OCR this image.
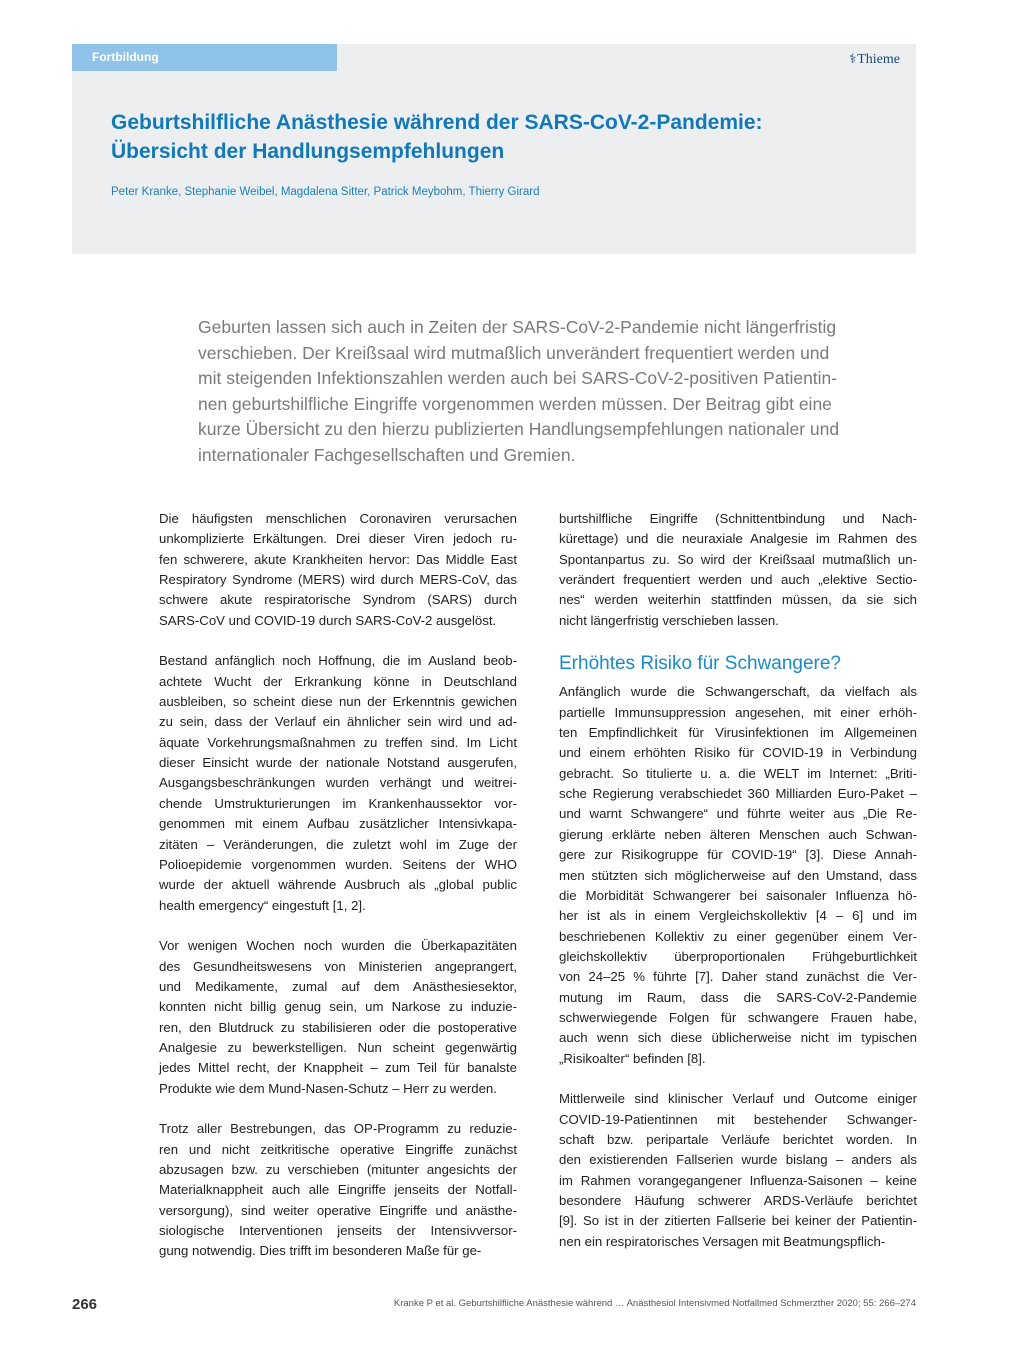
Fortbildung	⚕Thieme
Geburtshilfliche Anästhesie während der SARS-CoV-2-Pandemie:
Übersicht der Handlungsempfehlungen
Peter Kranke, Stephanie Weibel, Magdalena Sitter, Patrick Meybohm, Thierry Girard

Geburten lassen sich auch in Zeiten der SARS-CoV-2-Pandemie nicht längerfristig
verschieben. Der Kreißsaal wird mutmaßlich unverändert frequentiert werden und
mit steigenden Infektionszahlen werden auch bei SARS-CoV-2-positiven Patientin-
nen geburtshilfliche Eingriffe vorgenommen werden müssen. Der Beitrag gibt eine
kurze Übersicht zu den hierzu publizierten Handlungsempfehlungen nationaler und
internationaler Fachgesellschaften und Gremien.

Die häufigsten menschlichen Coronaviren verursachen
unkomplizierte Erkältungen. Drei dieser Viren jedoch ru-
fen schwerere, akute Krankheiten hervor: Das Middle East
Respiratory Syndrome (MERS) wird durch MERS-CoV, das
schwere akute respiratorische Syndrom (SARS) durch
SARS-CoV und COVID-19 durch SARS-CoV-2 ausgelöst.

Bestand anfänglich noch Hoffnung, die im Ausland beob-
achtete Wucht der Erkrankung könne in Deutschland
ausbleiben, so scheint diese nun der Erkenntnis gewichen
zu sein, dass der Verlauf ein ähnlicher sein wird und ad-
äquate Vorkehrungsmaßnahmen zu treffen sind. Im Licht
dieser Einsicht wurde der nationale Notstand ausgerufen,
Ausgangsbeschränkungen wurden verhängt und weitrei-
chende Umstrukturierungen im Krankenhaussektor vor-
genommen mit einem Aufbau zusätzlicher Intensivkapa-
zitäten – Veränderungen, die zuletzt wohl im Zuge der
Polioepidemie vorgenommen wurden. Seitens der WHO
wurde der aktuell währende Ausbruch als „global public
health emergency“ eingestuft [1, 2].

Vor wenigen Wochen noch wurden die Überkapazitäten
des Gesundheitswesens von Ministerien angeprangert,
und Medikamente, zumal auf dem Anästhesiesektor,
konnten nicht billig genug sein, um Narkose zu induzie-
ren, den Blutdruck zu stabilisieren oder die postoperative
Analgesie zu bewerkstelligen. Nun scheint gegenwärtig
jedes Mittel recht, der Knappheit – zum Teil für banalste
Produkte wie dem Mund-Nasen-Schutz – Herr zu werden.

Trotz aller Bestrebungen, das OP-Programm zu reduzie-
ren und nicht zeitkritische operative Eingriffe zunächst
abzusagen bzw. zu verschieben (mitunter angesichts der
Materialknappheit auch alle Eingriffe jenseits der Notfall-
versorgung), sind weiter operative Eingriffe und anästhe-
siologische Interventionen jenseits der Intensivversor-
gung notwendig. Dies trifft im besonderen Maße für ge-

burtshilfliche Eingriffe (Schnittentbindung und Nach-
kürettage) und die neuraxiale Analgesie im Rahmen des
Spontanpartus zu. So wird der Kreißsaal mutmaßlich un-
verändert frequentiert werden und auch „elektive Sectio-
nes“ werden weiterhin stattfinden müssen, da sie sich
nicht längerfristig verschieben lassen.

Erhöhtes Risiko für Schwangere?

Anfänglich wurde die Schwangerschaft, da vielfach als
partielle Immunsuppression angesehen, mit einer erhöh-
ten Empfindlichkeit für Virusinfektionen im Allgemeinen
und einem erhöhten Risiko für COVID-19 in Verbindung
gebracht. So titulierte u. a. die WELT im Internet: „Briti-
sche Regierung verabschiedet 360 Milliarden Euro-Paket –
und warnt Schwangere“ und führte weiter aus „Die Re-
gierung erklärte neben älteren Menschen auch Schwan-
gere zur Risikogruppe für COVID-19“ [3]. Diese Annah-
men stützten sich möglicherweise auf den Umstand, dass
die Morbidität Schwangerer bei saisonaler Influenza hö-
her ist als in einem Vergleichskollektiv [4 – 6] und im
beschriebenen Kollektiv zu einer gegenüber einem Ver-
gleichskollektiv überproportionalen Frühgeburtlichkeit
von 24–25 % führte [7]. Daher stand zunächst die Ver-
mutung im Raum, dass die SARS-CoV-2-Pandemie
schwerwiegende Folgen für schwangere Frauen habe,
auch wenn sich diese üblicherweise nicht im typischen
„Risikoalter“ befinden [8].

Mittlerweile sind klinischer Verlauf und Outcome einiger
COVID-19-Patientinnen mit bestehender Schwanger-
schaft bzw. peripartale Verläufe berichtet worden. In
den existierenden Fallserien wurde bislang – anders als
im Rahmen vorangegangener Influenza-Saisonen – keine
besondere Häufung schwerer ARDS-Verläufe berichtet
[9]. So ist in der zitierten Fallserie bei keiner der Patientin-
nen ein respiratorisches Versagen mit Beatmungspflich-

266	Kranke P et al. Geburtshilfliche Anästhesie während … Anästhesiol Intensivmed Notfallmed Schmerzther 2020; 55: 266–274
